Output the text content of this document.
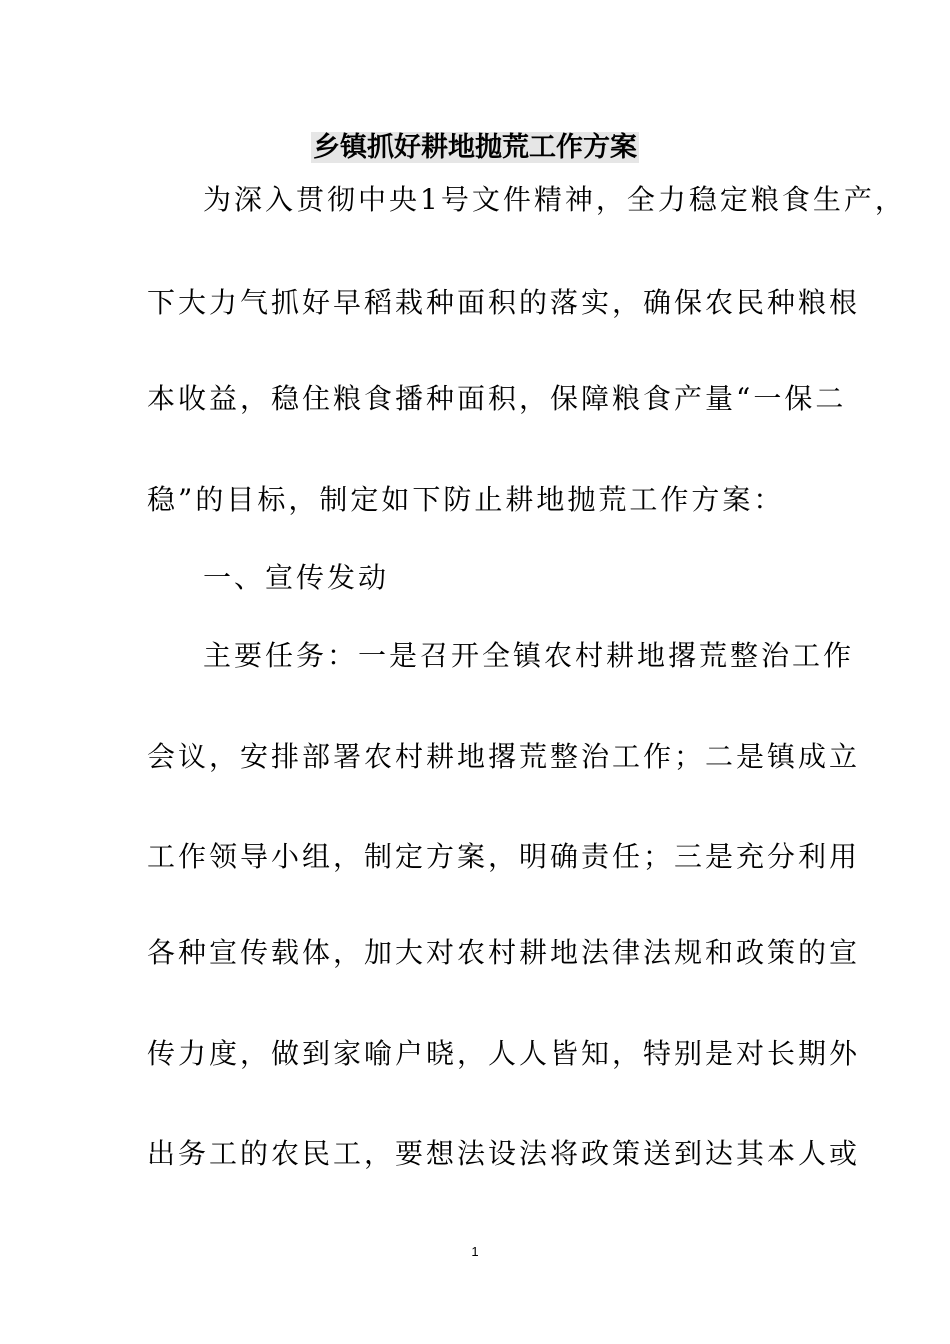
乡镇抓好耕地抛荒工作方案
为深入贯彻中央1号文件精神，全力稳定粮食生产，
下大力气抓好早稻栽种面积的落实，确保农民种粮根
本收益，稳住粮食播种面积，保障粮食产量“一保二
稳”的目标，制定如下防止耕地抛荒工作方案：
一、宣传发动
主要任务：一是召开全镇农村耕地撂荒整治工作
会议，安排部署农村耕地撂荒整治工作；二是镇成立
工作领导小组，制定方案，明确责任；三是充分利用
各种宣传载体，加大对农村耕地法律法规和政策的宣
传力度，做到家喻户晓，人人皆知，特别是对长期外
出务工的农民工，要想法设法将政策送到达其本人或
1
